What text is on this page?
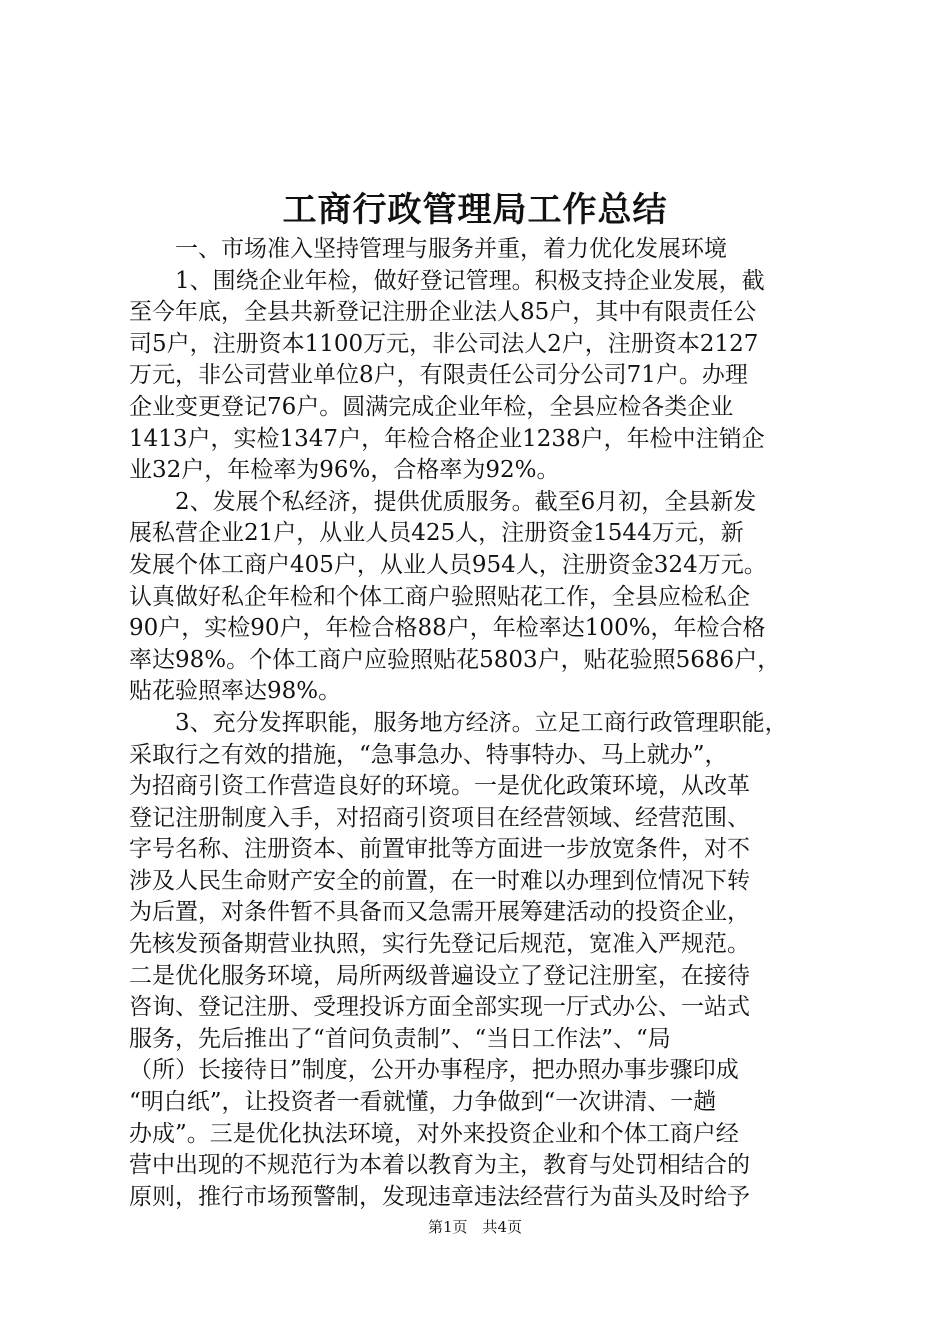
工商行政管理局工作总结
　　一、市场准入坚持管理与服务并重，着力优化发展环境
　　1、围绕企业年检，做好登记管理。积极支持企业发展，截
至今年底，全县共新登记注册企业法人85户，其中有限责任公
司5户，注册资本1100万元，非公司法人2户，注册资本2127
万元，非公司营业单位8户，有限责任公司分公司71户。办理
企业变更登记76户。圆满完成企业年检，全县应检各类企业
1413户，实检1347户，年检合格企业1238户，年检中注销企
业32户，年检率为96%，合格率为92%。
　　2、发展个私经济，提供优质服务。截至6月初，全县新发
展私营企业21户，从业人员425人，注册资金1544万元，新
发展个体工商户405户，从业人员954人，注册资金324万元。
认真做好私企年检和个体工商户验照贴花工作，全县应检私企
90户，实检90户，年检合格88户，年检率达100%，年检合格
率达98%。个体工商户应验照贴花5803户，贴花验照5686户，
贴花验照率达98%。
　　3、充分发挥职能，服务地方经济。立足工商行政管理职能，
采取行之有效的措施，“急事急办、特事特办、马上就办”，
为招商引资工作营造良好的环境。一是优化政策环境，从改革
登记注册制度入手，对招商引资项目在经营领域、经营范围、
字号名称、注册资本、前置审批等方面进一步放宽条件，对不
涉及人民生命财产安全的前置，在一时难以办理到位情况下转
为后置，对条件暂不具备而又急需开展筹建活动的投资企业，
先核发预备期营业执照，实行先登记后规范，宽准入严规范。
二是优化服务环境，局所两级普遍设立了登记注册室，在接待
咨询、登记注册、受理投诉方面全部实现一厅式办公、一站式
服务，先后推出了“首问负责制”、“当日工作法”、“局
（所）长接待日”制度，公开办事程序，把办照办事步骤印成
“明白纸”，让投资者一看就懂，力争做到“一次讲清、一趟
办成”。三是优化执法环境，对外来投资企业和个体工商户经
营中出现的不规范行为本着以教育为主，教育与处罚相结合的
原则，推行市场预警制，发现违章违法经营行为苗头及时给予
第1页　共4页
